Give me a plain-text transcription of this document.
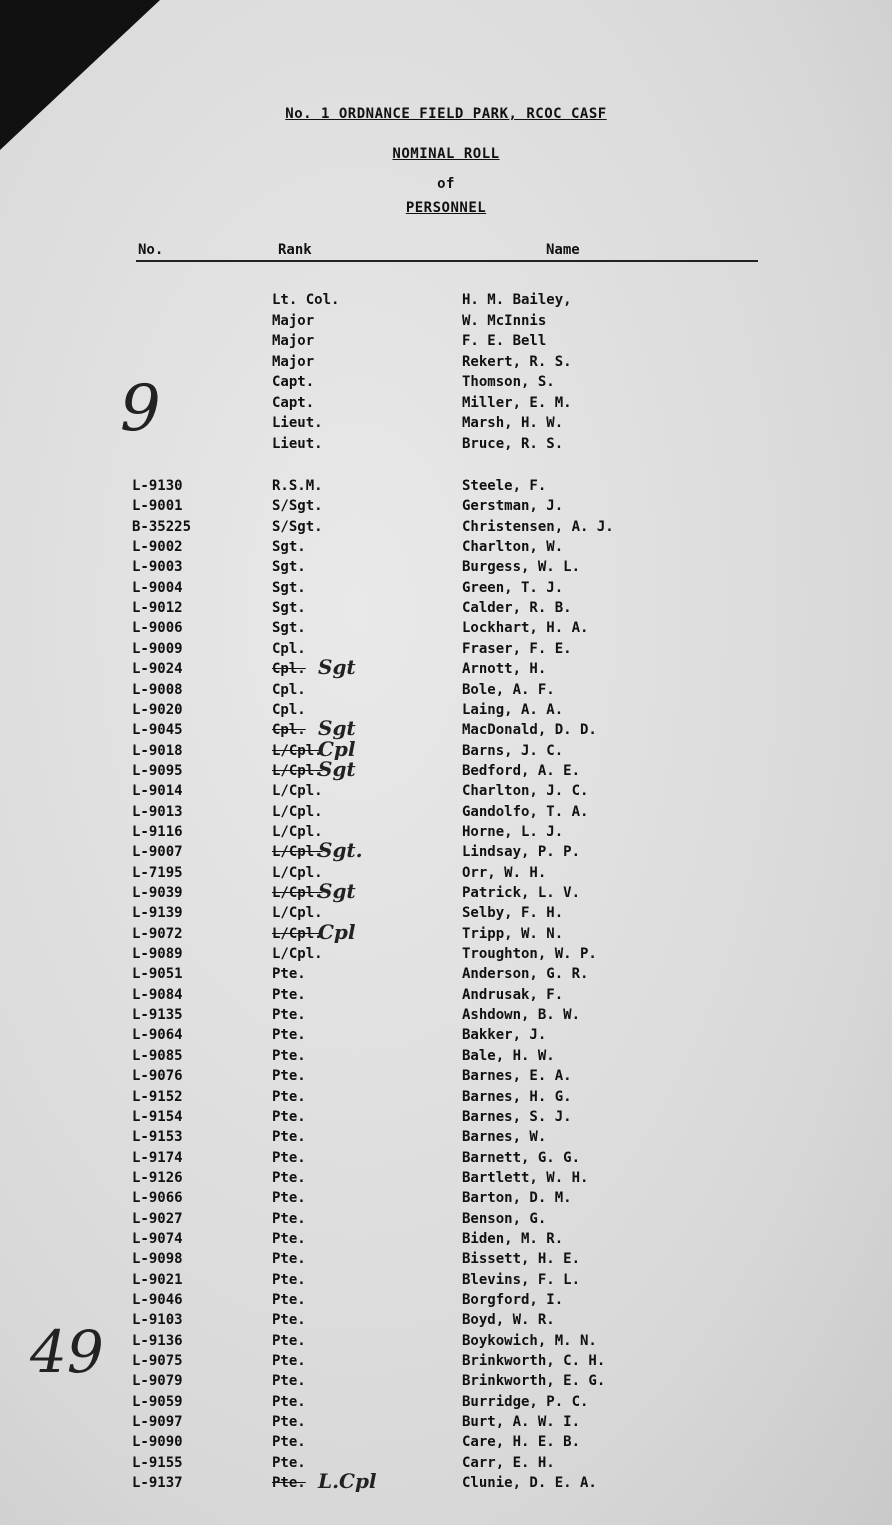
No. 1 ORDNANCE FIELD PARK, RCOC CASF
NOMINAL ROLL
of
PERSONNEL
No.	Rank	Name
9
49
Lt. Col.	H. M. Bailey,
Major	W. McInnis
Major	F. E. Bell
Major	Rekert, R. S.
Capt.	Thomson, S.
Capt.	Miller, E. M.
Lieut.	Marsh, H. W.
Lieut.	Bruce, R. S.
L-9130	R.S.M.	Steele, F.
L-9001	S/Sgt.	Gerstman, J.
B-35225	S/Sgt.	Christensen, A. J.
L-9002	Sgt.	Charlton, W.
L-9003	Sgt.	Burgess, W. L.
L-9004	Sgt.	Green, T. J.
L-9012	Sgt.	Calder, R. B.
L-9006	Sgt.	Lockhart, H. A.
L-9009	Cpl.	Fraser, F. E.
L-9024	Cpl.	Arnott, H.
Sgt
L-9008	Cpl.	Bole, A. F.
L-9020	Cpl.	Laing, A. A.
L-9045	Cpl.	MacDonald, D. D.
Sgt
L-9018	L/Cpl.	Barns, J. C.
Cpl
L-9095	L/Cpl.	Bedford, A. E.
Sgt
L-9014	L/Cpl.	Charlton, J. C.
L-9013	L/Cpl.	Gandolfo, T. A.
L-9116	L/Cpl.	Horne, L. J.
L-9007	L/Cpl.	Lindsay, P. P.
Sgt.
L-7195	L/Cpl.	Orr, W. H.
L-9039	L/Cpl.	Patrick, L. V.
Sgt
L-9139	L/Cpl.	Selby, F. H.
L-9072	L/Cpl.	Tripp, W. N.
Cpl
L-9089	L/Cpl.	Troughton, W. P.
L-9051	Pte.	Anderson, G. R.
L-9084	Pte.	Andrusak, F.
L-9135	Pte.	Ashdown, B. W.
L-9064	Pte.	Bakker, J.
L-9085	Pte.	Bale, H. W.
L-9076	Pte.	Barnes, E. A.
L-9152	Pte.	Barnes, H. G.
L-9154	Pte.	Barnes, S. J.
L-9153	Pte.	Barnes, W.
L-9174	Pte.	Barnett, G. G.
L-9126	Pte.	Bartlett, W. H.
L-9066	Pte.	Barton, D. M.
L-9027	Pte.	Benson, G.
L-9074	Pte.	Biden, M. R.
L-9098	Pte.	Bissett, H. E.
L-9021	Pte.	Blevins, F. L.
L-9046	Pte.	Borgford, I.
L-9103	Pte.	Boyd, W. R.
L-9136	Pte.	Boykowich, M. N.
L-9075	Pte.	Brinkworth, C. H.
L-9079	Pte.	Brinkworth, E. G.
L-9059	Pte.	Burridge, P. C.
L-9097	Pte.	Burt, A. W. I.
L-9090	Pte.	Care, H. E. B.
L-9155	Pte.	Carr, E. H.
L-9137	Pte.	Clunie, D. E. A.
L.Cpl
